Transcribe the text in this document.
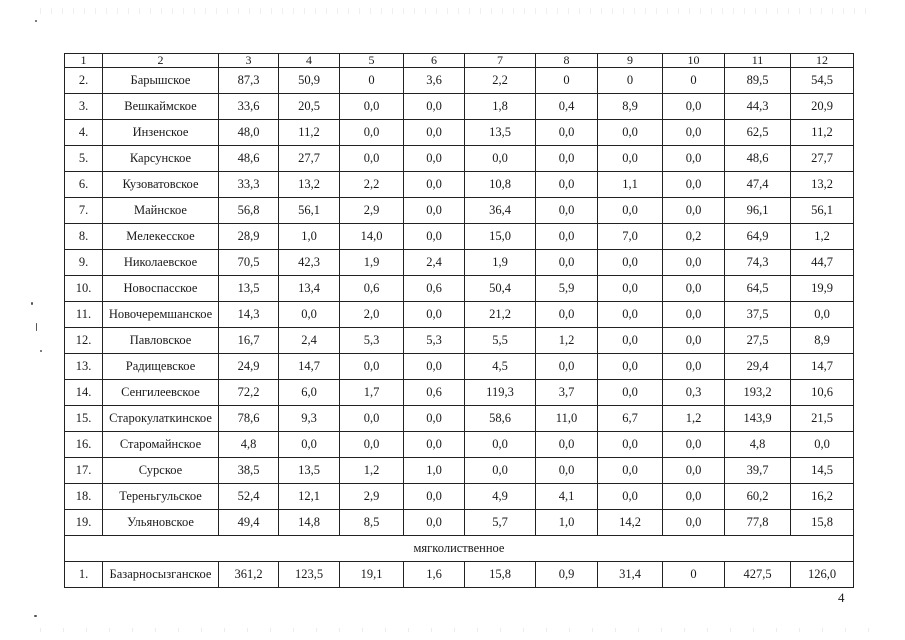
1	2	3	4	5	6	7	8	9	10	11	12
2.	Барышское	87,3	50,9	0	3,6	2,2	0	0	0	89,5	54,5
3.	Вешкаймское	33,6	20,5	0,0	0,0	1,8	0,4	8,9	0,0	44,3	20,9
4.	Инзенское	48,0	11,2	0,0	0,0	13,5	0,0	0,0	0,0	62,5	11,2
5.	Карсунское	48,6	27,7	0,0	0,0	0,0	0,0	0,0	0,0	48,6	27,7
6.	Кузоватовское	33,3	13,2	2,2	0,0	10,8	0,0	1,1	0,0	47,4	13,2
7.	Майнское	56,8	56,1	2,9	0,0	36,4	0,0	0,0	0,0	96,1	56,1
8.	Мелекесское	28,9	1,0	14,0	0,0	15,0	0,0	7,0	0,2	64,9	1,2
9.	Николаевское	70,5	42,3	1,9	2,4	1,9	0,0	0,0	0,0	74,3	44,7
10.	Новоспасское	13,5	13,4	0,6	0,6	50,4	5,9	0,0	0,0	64,5	19,9
11.	Новочеремшанское	14,3	0,0	2,0	0,0	21,2	0,0	0,0	0,0	37,5	0,0
12.	Павловское	16,7	2,4	5,3	5,3	5,5	1,2	0,0	0,0	27,5	8,9
13.	Радищевское	24,9	14,7	0,0	0,0	4,5	0,0	0,0	0,0	29,4	14,7
14.	Сенгилеевское	72,2	6,0	1,7	0,6	119,3	3,7	0,0	0,3	193,2	10,6
15.	Старокулаткинское	78,6	9,3	0,0	0,0	58,6	11,0	6,7	1,2	143,9	21,5
16.	Старомайнское	4,8	0,0	0,0	0,0	0,0	0,0	0,0	0,0	4,8	0,0
17.	Сурское	38,5	13,5	1,2	1,0	0,0	0,0	0,0	0,0	39,7	14,5
18.	Тереньгульское	52,4	12,1	2,9	0,0	4,9	4,1	0,0	0,0	60,2	16,2
19.	Ульяновское	49,4	14,8	8,5	0,0	5,7	1,0	14,2	0,0	77,8	15,8
мягколиственное											
1.	Базарносызганское	361,2	123,5	19,1	1,6	15,8	0,9	31,4	0	427,5	126,0
4
